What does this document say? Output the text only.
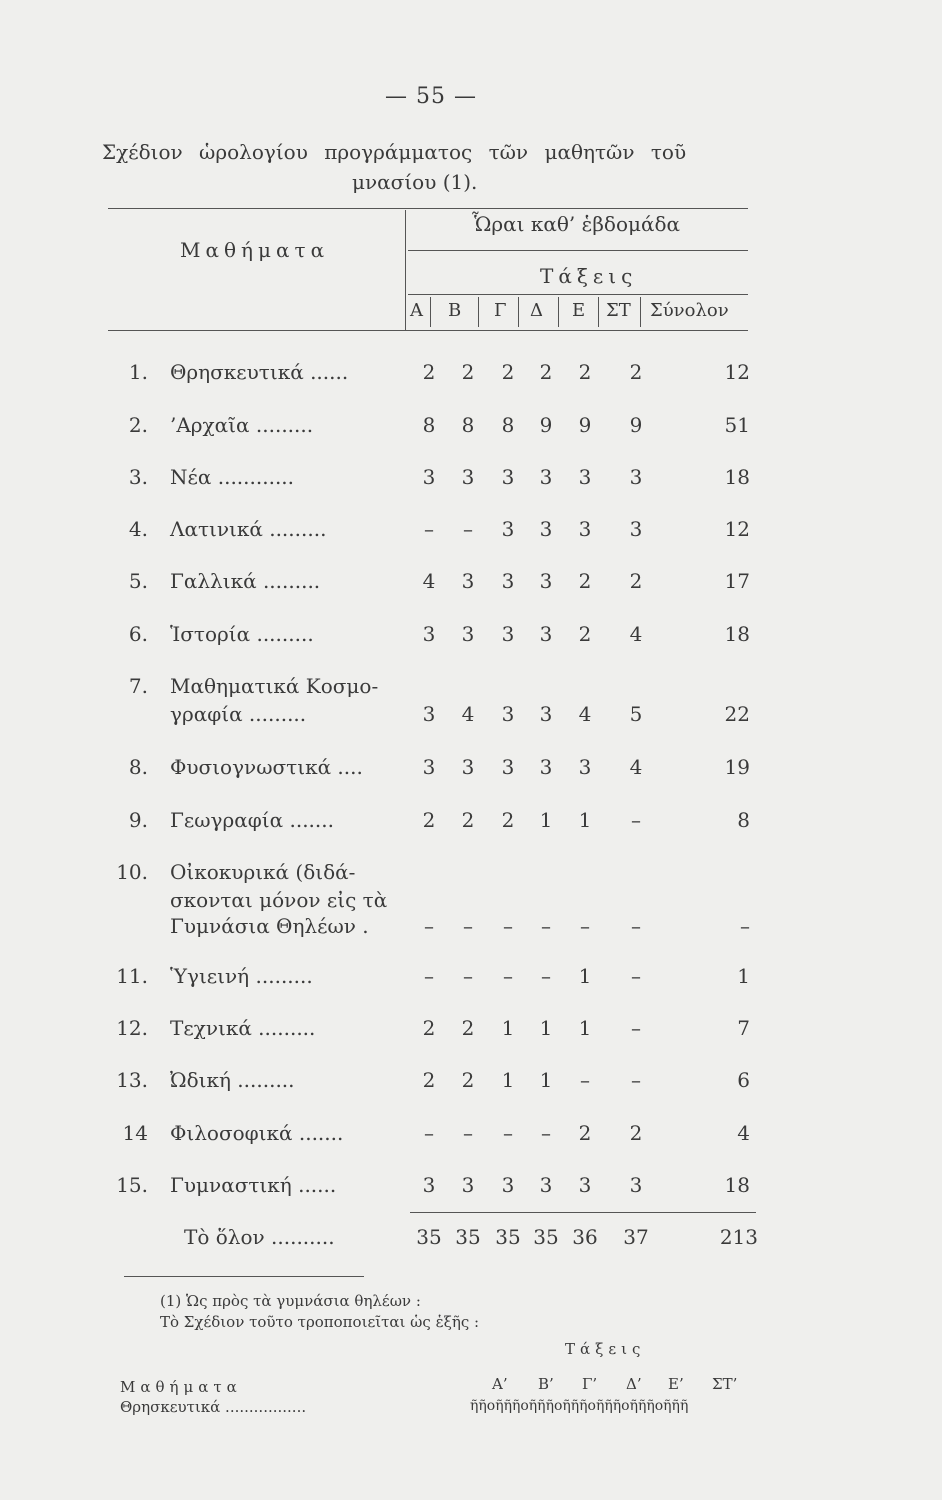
— 55 —
Σχέδιον ὡρολογίου προγράμματος τῶν μαθητῶν τοῦ
μνασίου (1).
Μαθήματα
Ὧραι καθ’ ἑβδομάδα
Τάξεις
Α Β Γ Δ Ε ΣΤ Σύνολον
1. Θρησκευτικά ......	2	2	2	2	2	2	12
2. ’Αρχαῖα .........	8	8	8	9	9	9	51
3. Νέα ............	3	3	3	3	3	3	18
4. Λατινικά .........	–	–	3	3	3	3	12
5. Γαλλικά .........	4	3	3	3	2	2	17
6. Ἱστορία .........	3	3	3	3	2	4	18
7. Μαθηματικά Κοσμο-
γραφία .........	3	4	3	3	4	5	22
8. Φυσιογνωστικά ....	3	3	3	3	3	4	19
9. Γεωγραφία .......	2	2	2	1	1	–	8
10. Οἰκοκυρικά (διδά-
σκονται μόνον εἰς τὰ
Γυμνάσια Θηλέων .	–	–	–	–	–	–	–
11. Ὑγιεινή .........	–	–	–	–	1	–	1
12. Τεχνικά .........	2	2	1	1	1	–	7
13. Ὠδική .........	2	2	1	1	–	–	6
14 Φιλοσοφικά .......	–	–	–	–	2	2	4
15. Γυμναστική ......	3	3	3	3	3	3	18
Τὸ ὅλον ..........	35 35 35 35 36 37	213
(1) Ὡς πρὸς τὰ γυμνάσια θηλέων :
Τὸ Σχέδιον τοῦτο τροποποιεῖται ὡς ἑξῆς :
Τάξεις
Μαθήματα	Α’ Β’ Γ’ Δ’ Ε’ ΣΤ’
Θρησκευτικά .................	ῆῆοῆῆῆοῆῆῆοῆῆῆοῆῆῆοῆῆῆοῆῆῆ
